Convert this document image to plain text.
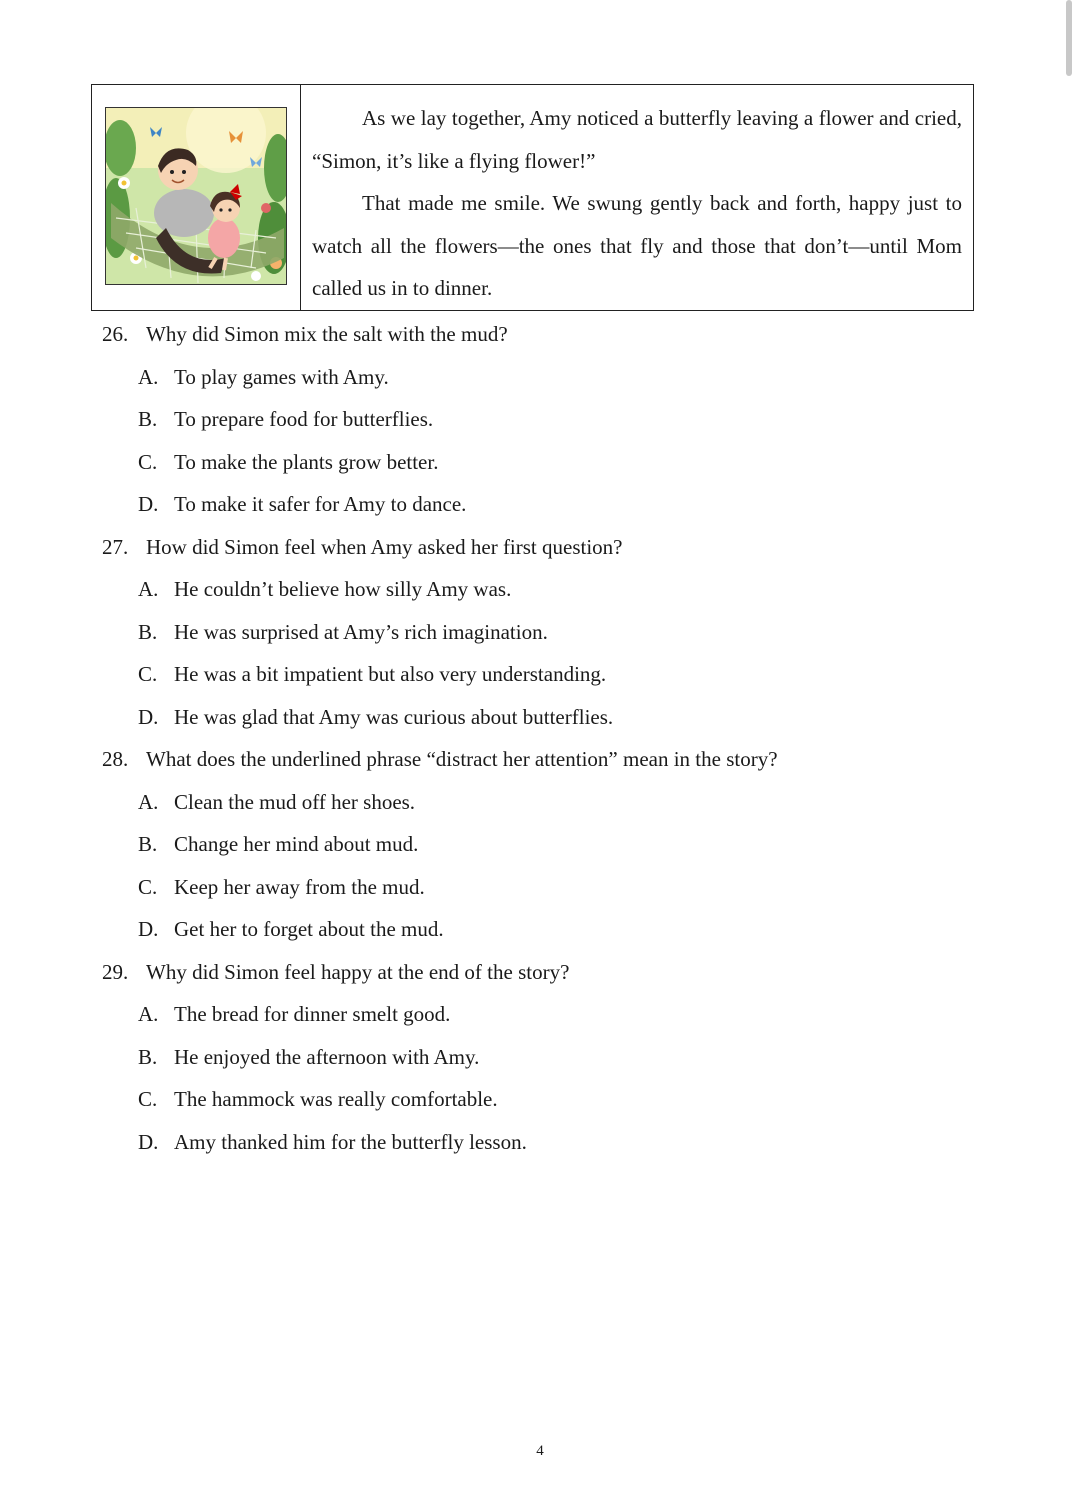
As we lay together, Amy noticed a butterfly leaving a flower and cried, “Simon, it’s like a flying flower!”

That made me smile. We swung gently back and forth, happy just to watch all the flowers—the ones that fly and those that don’t—until Mom called us in to dinner.

26. Why did Simon mix the salt with the mud?
A. To play games with Amy.
B. To prepare food for butterflies.
C. To make the plants grow better.
D. To make it safer for Amy to dance.
27. How did Simon feel when Amy asked her first question?
A. He couldn’t believe how silly Amy was.
B. He was surprised at Amy’s rich imagination.
C. He was a bit impatient but also very understanding.
D. He was glad that Amy was curious about butterflies.
28. What does the underlined phrase “distract her attention” mean in the story?
A. Clean the mud off her shoes.
B. Change her mind about mud.
C. Keep her away from the mud.
D. Get her to forget about the mud.
29. Why did Simon feel happy at the end of the story?
A. The bread for dinner smelt good.
B. He enjoyed the afternoon with Amy.
C. The hammock was really comfortable.
D. Amy thanked him for the butterfly lesson.
4
